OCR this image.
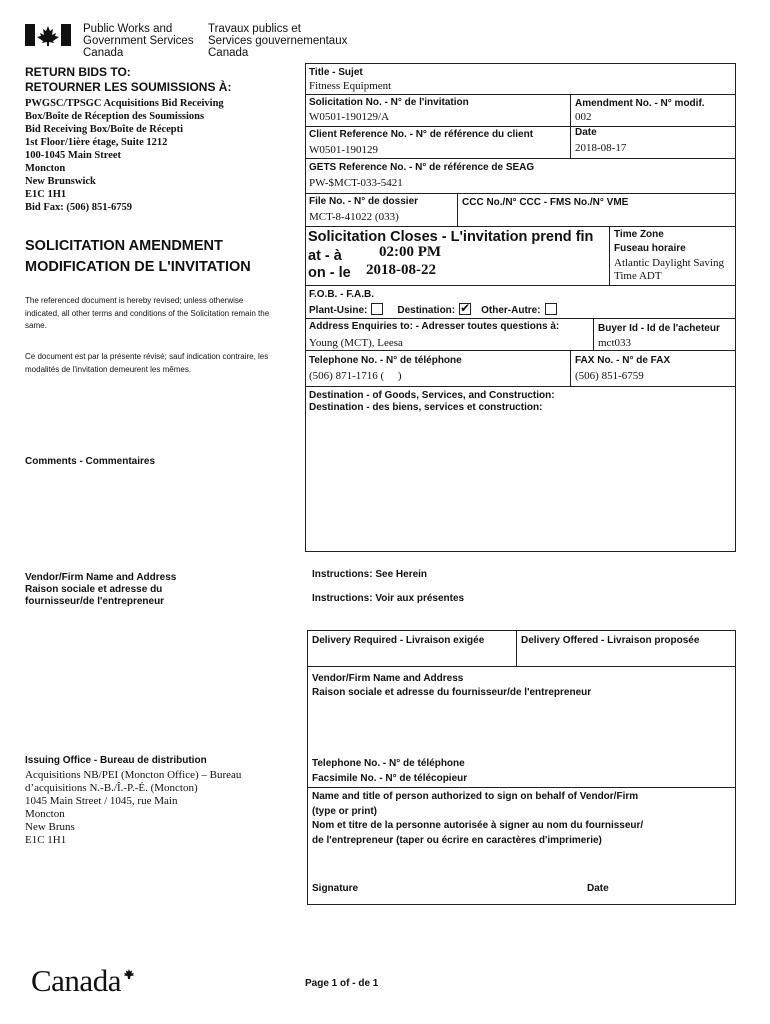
Public Works and
Government Services
Canada
Travaux publics et
Services gouvernementaux
Canada
RETURN BIDS TO:
RETOURNER LES SOUMISSIONS À:
PWGSC/TPSGC Acquisitions Bid Receiving
Box/Boîte de Réception des Soumissions
Bid Receiving Box/Boîte de Récepti
1st Floor/1ière étage, Suite 1212
100-1045 Main Street
Moncton
New Brunswick
E1C 1H1
Bid Fax: (506) 851-6759
SOLICITATION AMENDMENT
MODIFICATION DE L'INVITATION
The referenced document is hereby revised; unless otherwise indicated, all other terms and conditions of the Solicitation remain the same.
Ce document est par la présente révisé; sauf indication contraire, les modalités de l'invitation demeurent les mêmes.
Comments - Commentaires
Vendor/Firm Name and Address
Raison sociale et adresse du
fournisseur/de l'entrepreneur
Issuing Office - Bureau de distribution
Acquisitions NB/PEI (Moncton Office) – Bureau
d’acquisitions N.-B./Î.-P.-É. (Moncton)
1045 Main Street / 1045, rue Main
Moncton
New Bruns
E1C 1H1
Title - Sujet
Fitness Equipment
Solicitation No. - N° de l'invitation
W0501-190129/A
Amendment No. - N° modif.
002
Client Reference No. - N° de référence du client
W0501-190129
Date
2018-08-17
GETS Reference No. - N° de référence de SEAG
PW-$MCT-033-5421
File No. - N° de dossier
MCT-8-41022 (033)
CCC No./N° CCC - FMS No./N° VME
Solicitation Closes - L'invitation prend fin
at - à 02:00 PM
on - le 2018-08-22
Time Zone
Fuseau horaire
Atlantic Daylight Saving
Time ADT
F.O.B. - F.A.B.
Plant-Usine:	Destination:✔	Other-Autre:
Address Enquiries to: - Adresser toutes questions à:
Young (MCT), Leesa
Buyer Id - Id de l'acheteur
mct033
Telephone No. - N° de téléphone
(506) 871-1716 (     )
FAX No. - N° de FAX
(506) 851-6759
Destination - of Goods, Services, and Construction:
Destination - des biens, services et construction:
Instructions: See Herein
Instructions: Voir aux présentes
Delivery Required - Livraison exigée	Delivery Offered - Livraison proposée
Vendor/Firm Name and Address
Raison sociale et adresse du fournisseur/de l'entrepreneur
Telephone No. - N° de téléphone
Facsimile No. - N° de télécopieur
Name and title of person authorized to sign on behalf of Vendor/Firm
(type or print)
Nom et titre de la personne autorisée à signer au nom du fournisseur/
de l'entrepreneur (taper ou écrire en caractères d'imprimerie)
Signature	Date
Canada	Page 1 of - de 1
